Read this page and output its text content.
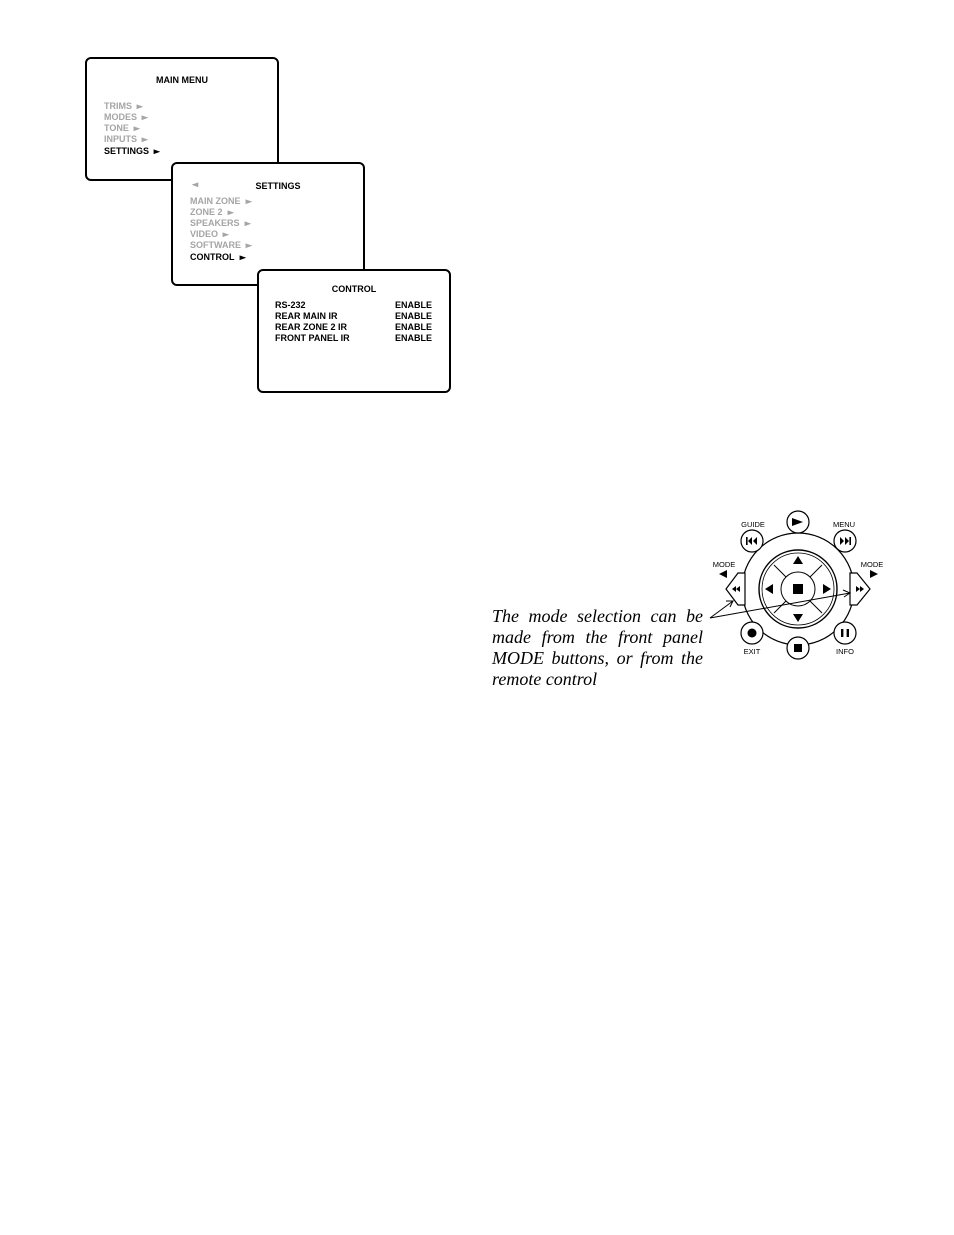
MAIN MENU
TRIMS ►
MODES ►
TONE ►
INPUTS ►
SETTINGS ►
◄	SETTINGS
MAIN ZONE ►
ZONE 2 ►
SPEAKERS ►
VIDEO ►
SOFTWARE ►
CONTROL ►
CONTROL
RS-232	ENABLE
REAR MAIN IR	ENABLE
REAR ZONE 2 IR	ENABLE
FRONT PANEL IR	ENABLE
The mode selection can be
made from the front panel
MODE buttons, or from the
remote control
GUIDE	MENU
MODE	MODE
EXIT	INFO
